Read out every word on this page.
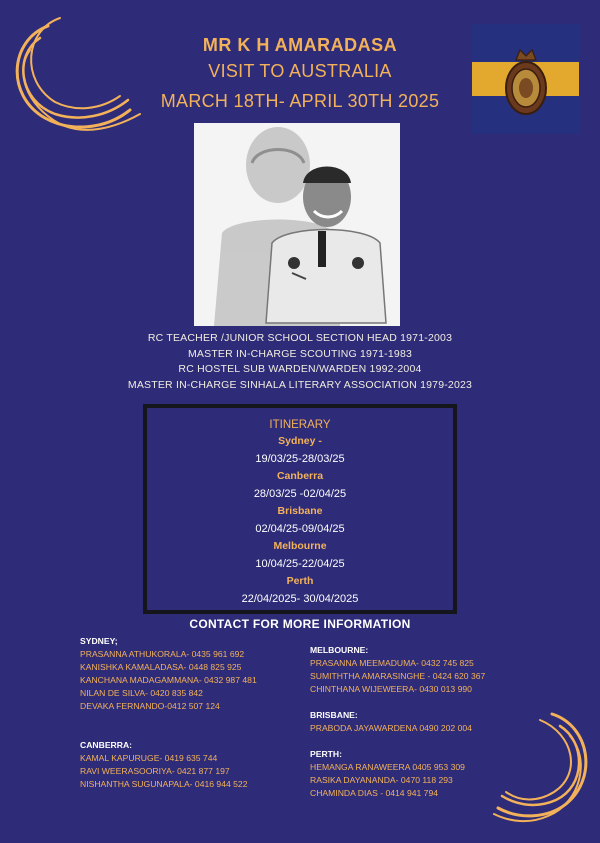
MR K H AMARADASA
VISIT TO AUSTRALIA
MARCH 18TH- APRIL 30TH 2025
RC TEACHER /JUNIOR SCHOOL SECTION HEAD 1971-2003
MASTER IN-CHARGE SCOUTING 1971-1983
RC HOSTEL SUB WARDEN/WARDEN 1992-2004
MASTER IN-CHARGE SINHALA LITERARY ASSOCIATION 1979-2023
ITINERARY
Sydney -
19/03/25-28/03/25
Canberra
28/03/25 -02/04/25
Brisbane
02/04/25-09/04/25
Melbourne
10/04/25-22/04/25
Perth
22/04/2025- 30/04/2025
CONTACT FOR MORE INFORMATION
SYDNEY;
PRASANNA ATHUKORALA- 0435 961 692
KANISHKA KAMALADASA- 0448 825 925
KANCHANA MADAGAMMANA- 0432 987 481
NILAN DE SILVA- 0420 835 842
DEVAKA FERNANDO-0412 507 124
CANBERRA:
KAMAL KAPURUGE- 0419 635 744
RAVI WEERASOORIYA- 0421 877 197
NISHANTHA SUGUNAPALA- 0416 944 522
MELBOURNE:
PRASANNA MEEMADUMA- 0432 745 825
SUMITHTHA AMARASINGHE - 0424 620 367
CHINTHANA WIJEWEERA- 0430 013 990
BRISBANE:
PRABODA JAYAWARDENA 0490 202 004
PERTH:
HEMANGA RANAWEERA 0405 953 309
RASIKA DAYANANDA- 0470 118 293
CHAMINDA DIAS - 0414 941 794
